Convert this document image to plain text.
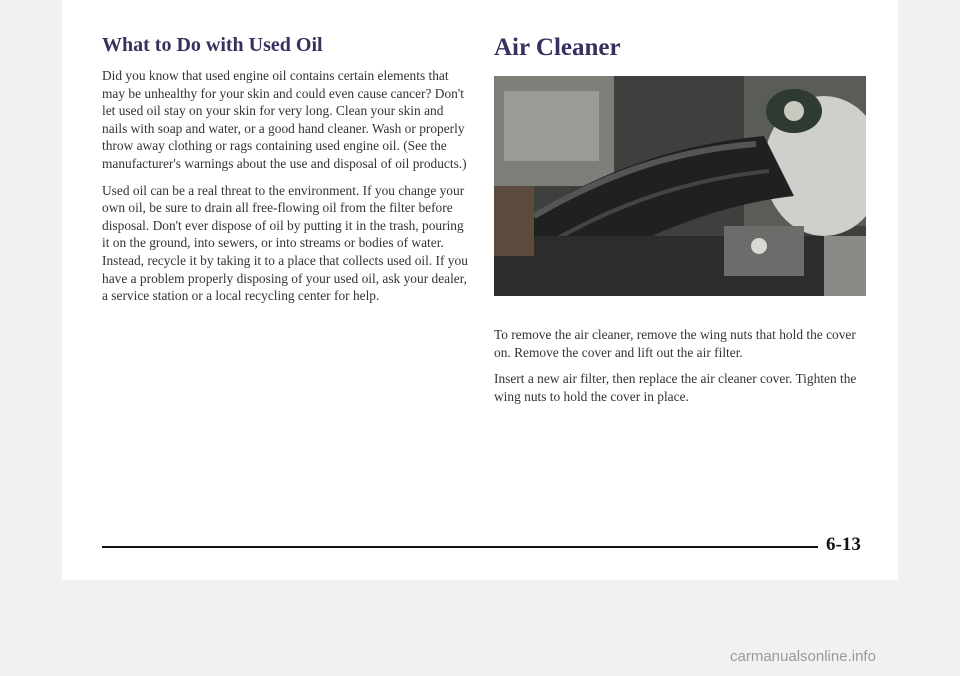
What to Do with Used Oil

Did you know that used engine oil contains certain elements that may be unhealthy for your skin and could even cause cancer? Don't let used oil stay on your skin for very long. Clean your skin and nails with soap and water, or a good hand cleaner. Wash or properly throw away clothing or rags containing used engine oil. (See the manufacturer's warnings about the use and disposal of oil products.)

Used oil can be a real threat to the environment. If you change your own oil, be sure to drain all free-flowing oil from the filter before disposal. Don't ever dispose of oil by putting it in the trash, pouring it on the ground, into sewers, or into streams or bodies of water. Instead, recycle it by taking it to a place that collects used oil. If you have a problem properly disposing of your used oil, ask your dealer, a service station or a local recycling center for help.

Air Cleaner

To remove the air cleaner, remove the wing nuts that hold the cover on. Remove the cover and lift out the air filter.

Insert a new air filter, then replace the air cleaner cover. Tighten the wing nuts to hold the cover in place.

6-13
carmanualsonline.info
